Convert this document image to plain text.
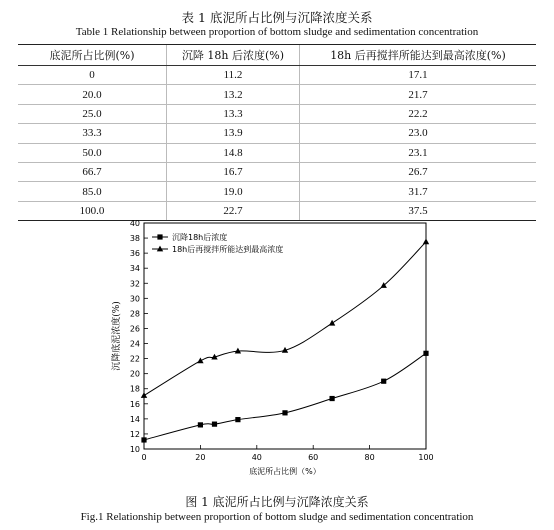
表 1 底泥所占比例与沉降浓度关系
Table 1 Relationship between proportion of bottom sludge and sedimentation concentration
底泥所占比例(%)	沉降 18h 后浓度(%)	18h 后再搅拌所能达到最高浓度(%)
0	11.2	17.1
20.0	13.2	21.7
25.0	13.3	22.2
33.3	13.9	23.0
50.0	14.8	23.1
66.7	16.7	26.7
85.0	19.0	31.7
100.0	22.7	37.5
10
12
14
16
18
20
22
24
26
28
30
32
34
36
38
40
0	20	40	60	80	100
底泥所占比例（%）
沉降底泥浓度(%)
沉降18h后浓度
18h后再搅拌所能达到最高浓度
图 1 底泥所占比例与沉降浓度关系
Fig.1 Relationship between proportion of bottom sludge and sedimentation concentration
